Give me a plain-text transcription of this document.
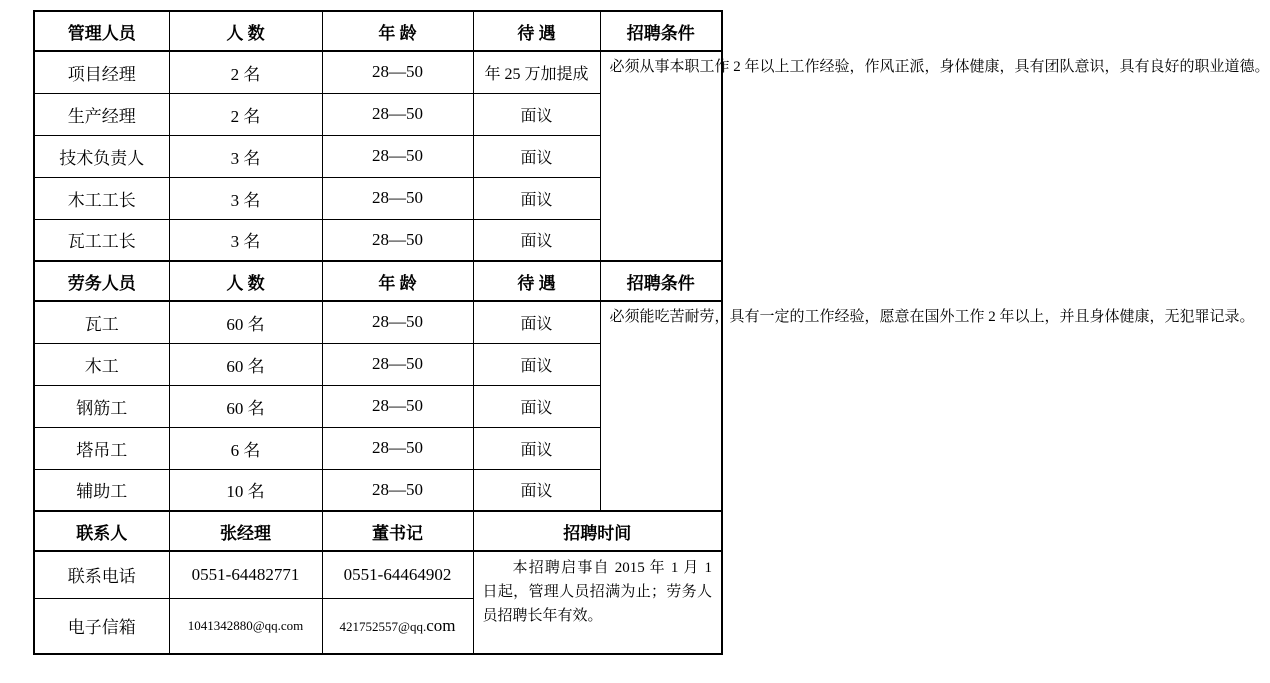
管理人员	人 数	年 龄	待 遇	招聘条件
项目经理	2 名	28—50	年 25 万加提成	必须从事本职工作 2 年以上工作经验，作风正派，身体健康，具有团队意识，具有良好的职业道德。
生产经理	2 名	28—50	面议	
技术负责人	3 名	28—50	面议	
木工工长	3 名	28—50	面议	
瓦工工长	3 名	28—50	面议	
劳务人员	人 数	年 龄	待 遇	招聘条件
瓦工	60 名	28—50	面议	必须能吃苦耐劳，具有一定的工作经验，愿意在国外工作 2 年以上，并且身体健康，无犯罪记录。
木工	60 名	28—50	面议	
钢筋工	60 名	28—50	面议	
塔吊工	6 名	28—50	面议	
辅助工	10 名	28—50	面议	
联系人	张经理	董书记	招聘时间	
联系电话	0551-64482771	0551-64464902	本招聘启事自 2015 年 1 月 1 日起，管理人员招满为止；劳务人员招聘长年有效。	

电子信箱	1041342880@qq.com	421752557@qq.com		
